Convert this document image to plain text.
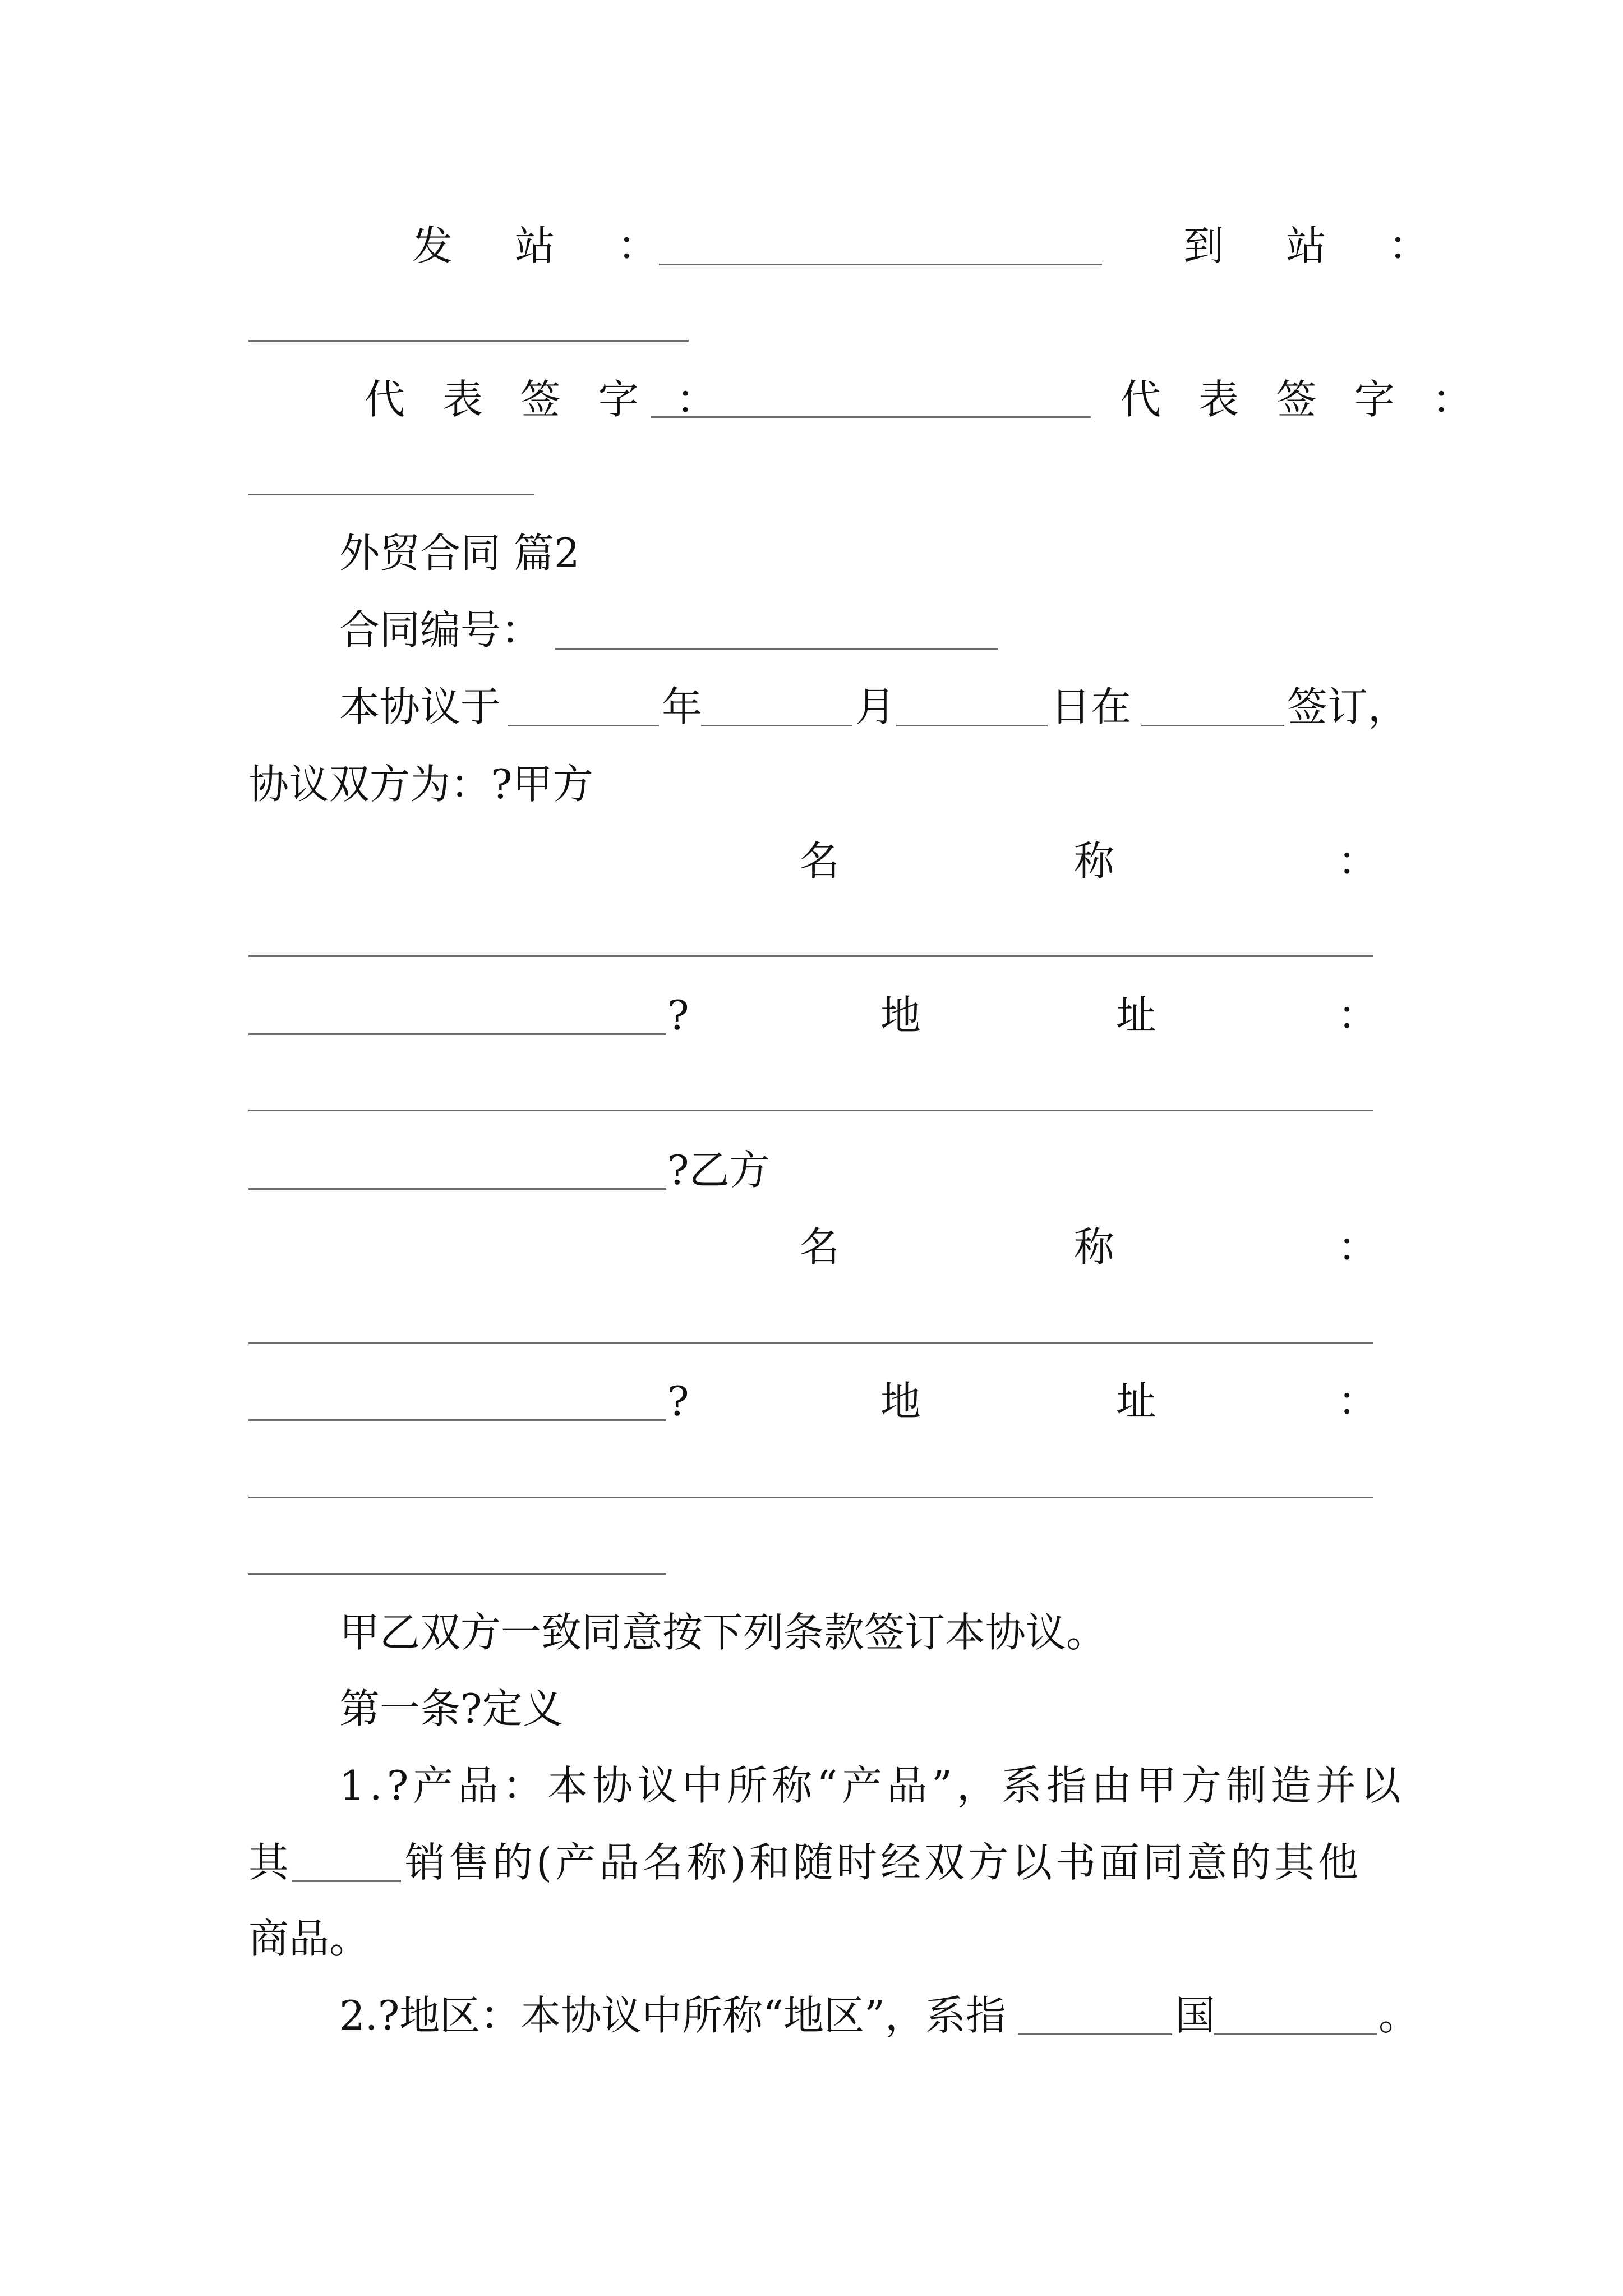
发 站 ：	到 站 ：
代 表 签 字 ：	代 表 签 字 ：
外贸合同 篇2
合同编号：
本协议于	年	月	日在	签订，
协议双方为：?甲方
名	称	：
?	地	址	：
?乙方
名	称	：
?	地	址	：
甲乙双方一致同意按下列条款签订本协议。
第一条?定义
1.?产品：本协议中所称“产品”，系指由甲方制造并以
其	销售的(产品名称)和随时经双方以书面同意的其他
商品。
2.?地区：本协议中所称“地区”，系指	国	。
